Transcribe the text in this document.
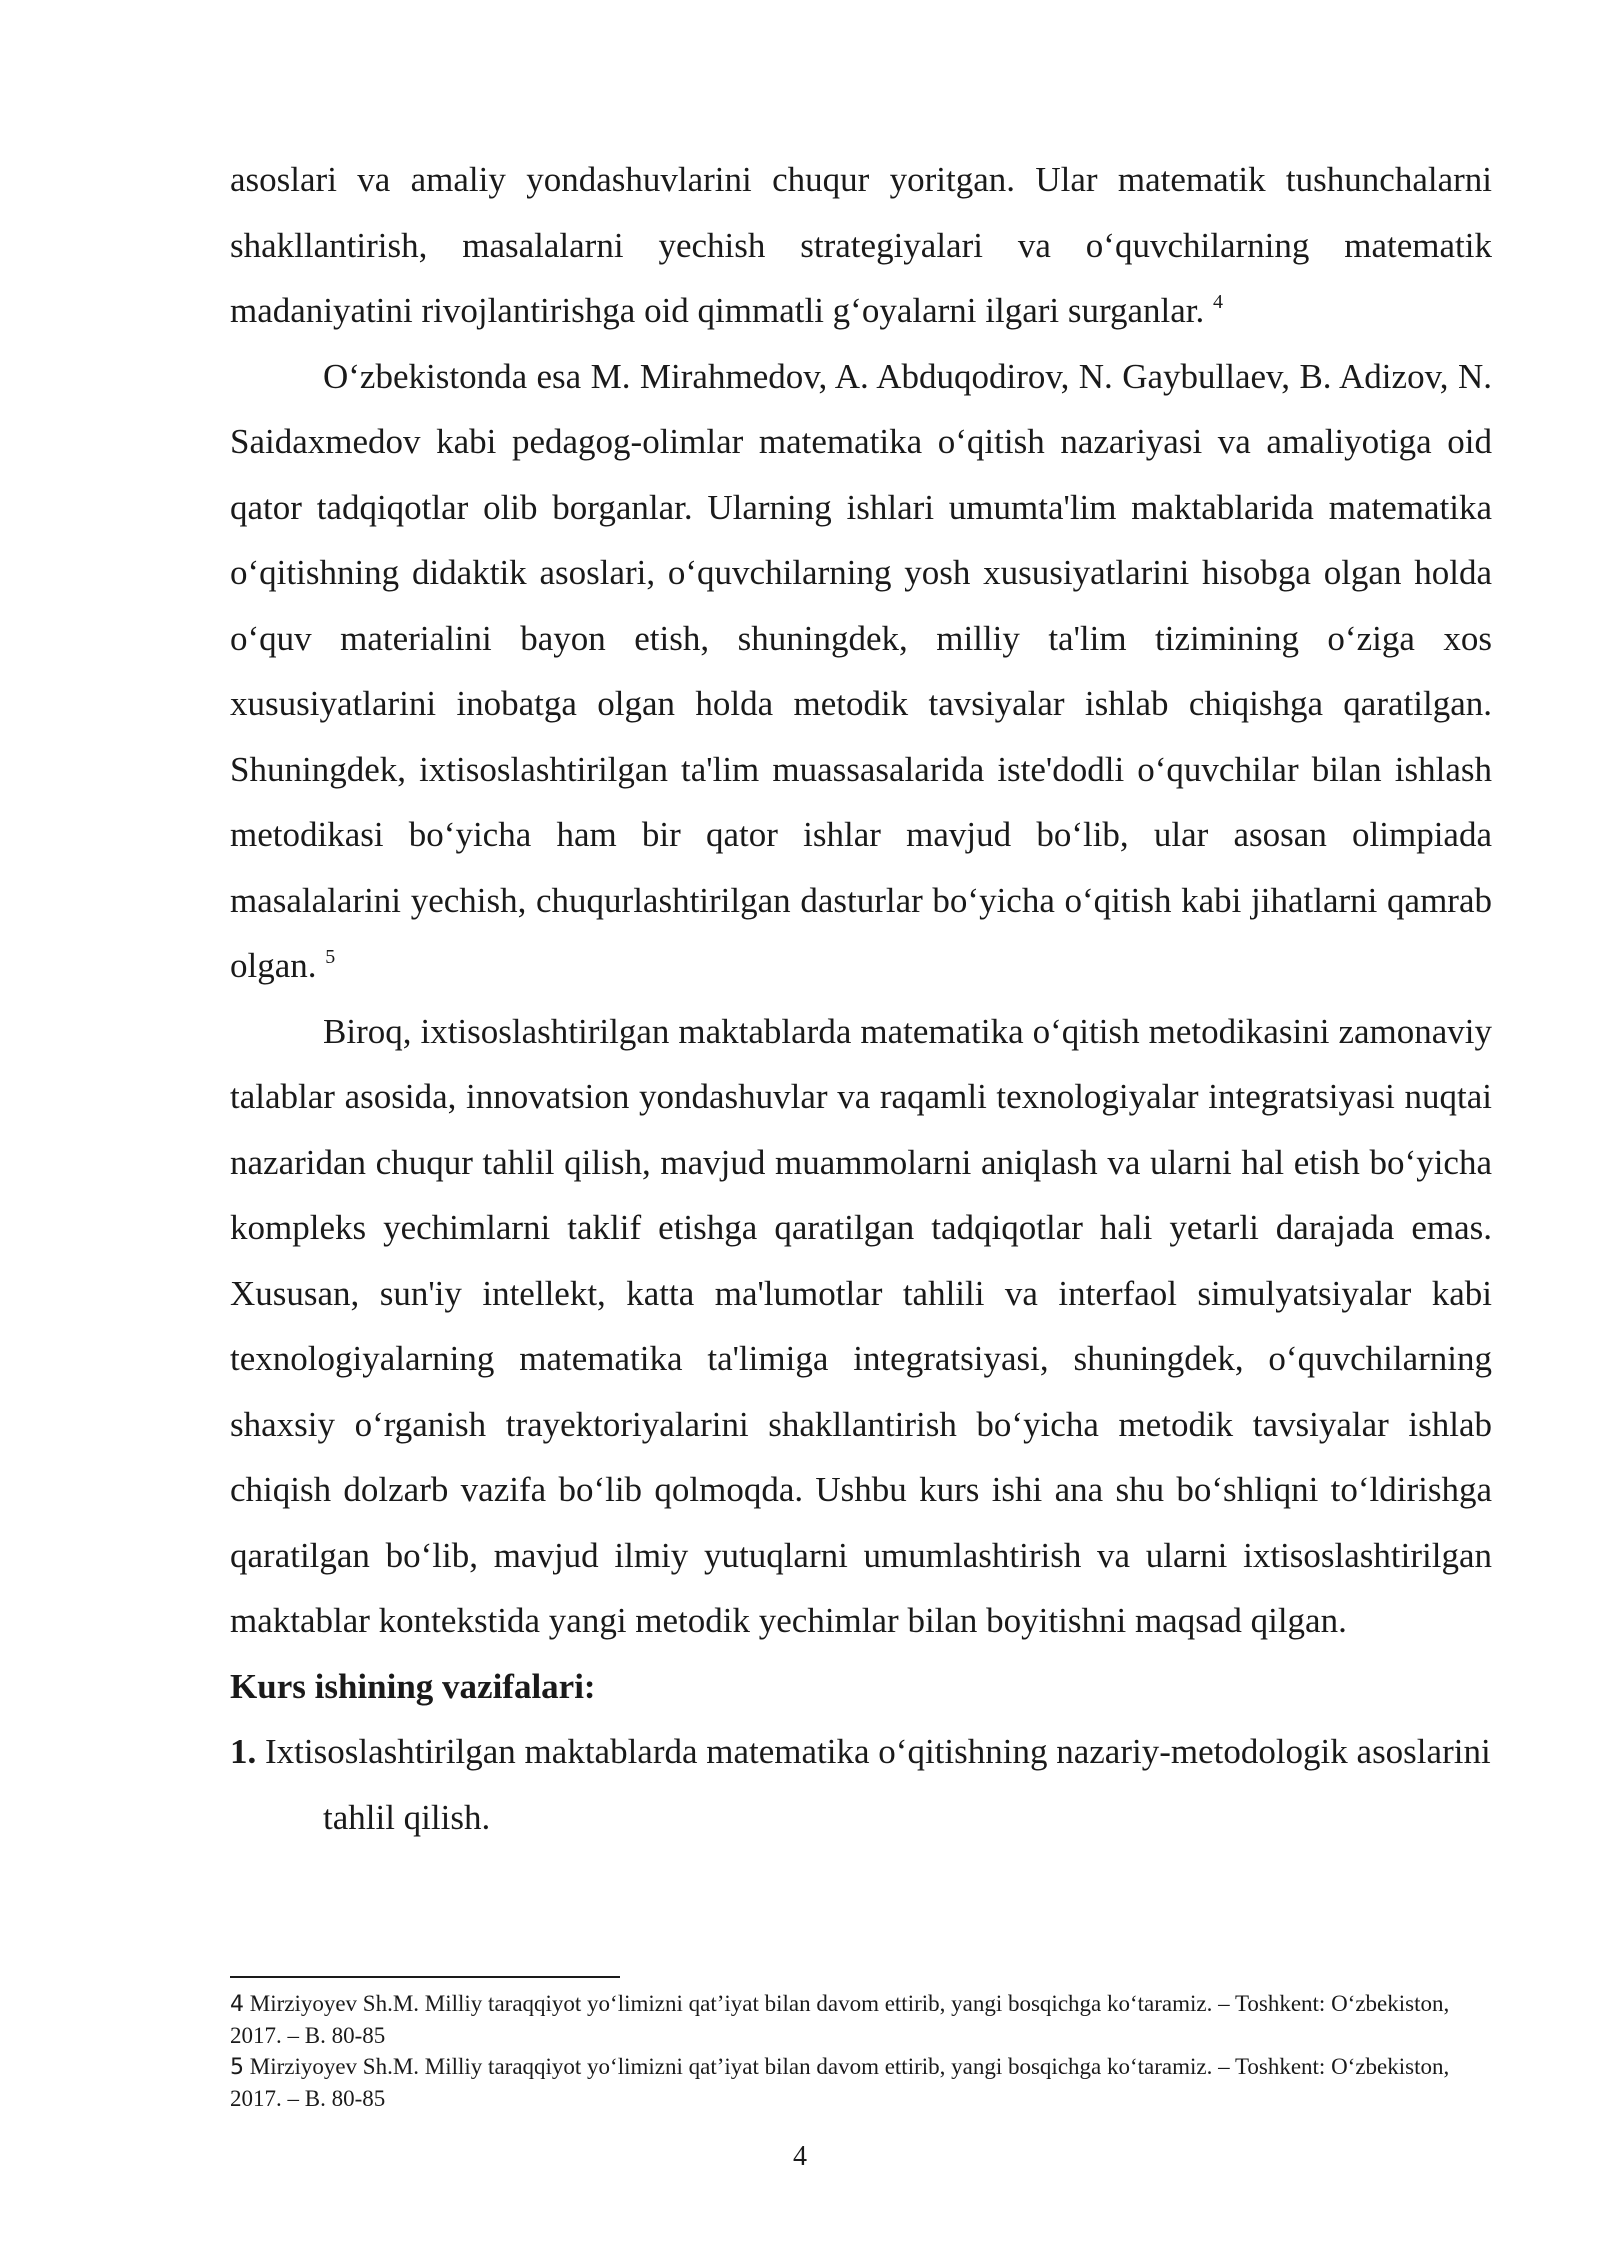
asoslari va amaliy yondashuvlarini chuqur yoritgan. Ular matematik tushunchalarni shakllantirish, masalalarni yechish strategiyalari va o‘quvchilarning matematik madaniyatini rivojlantirishga oid qimmatli g‘oyalarni ilgari surganlar. $^4$

O‘zbekistonda esa M. Mirahmedov, A. Abduqodirov, N. Gaybullaev, B. Adizov, N. Saidaxmedov kabi pedagog-olimlar matematika o‘qitish nazariyasi va amaliyotiga oid qator tadqiqotlar olib borganlar. Ularning ishlari umumta'lim maktablarida matematika o‘qitishning didaktik asoslari, o‘quvchilarning yosh xususiyatlarini hisobga olgan holda o‘quv materialini bayon etish, shuningdek, milliy ta'lim tizimining o‘ziga xos xususiyatlarini inobatga olgan holda metodik tavsiyalar ishlab chiqishga qaratilgan. Shuningdek, ixtisoslashtirilgan ta'lim muassasalarida iste'dodli o‘quvchilar bilan ishlash metodikasi bo‘yicha ham bir qator ishlar mavjud bo‘lib, ular asosan olimpiada masalalarini yechish, chuqurlashtirilgan dasturlar bo‘yicha o‘qitish kabi jihatlarni qamrab olgan. $^5$

Biroq, ixtisoslashtirilgan maktablarda matematika o‘qitish metodikasini zamonaviy talablar asosida, innovatsion yondashuvlar va raqamli texnologiyalar integratsiyasi nuqtai nazaridan chuqur tahlil qilish, mavjud muammolarni aniqlash va ularni hal etish bo‘yicha kompleks yechimlarni taklif etishga qaratilgan tadqiqotlar hali yetarli darajada emas. Xususan, sun'iy intellekt, katta ma'lumotlar tahlili va interfaol simulyatsiyalar kabi texnologiyalarning matematika ta'limiga integratsiyasi, shuningdek, o‘quvchilarning shaxsiy o‘rganish trayektoriyalarini shakllantirish bo‘yicha metodik tavsiyalar ishlab chiqish dolzarb vazifa bo‘lib qolmoqda. Ushbu kurs ishi ana shu bo‘shliqni to‘ldirishga qaratilgan bo‘lib, mavjud ilmiy yutuqlarni umumlashtirish va ularni ixtisoslashtirilgan maktablar kontekstida yangi metodik yechimlar bilan boyitishni maqsad qilgan.

Kurs ishining vazifalari:

1. Ixtisoslashtirilgan maktablarda matematika o‘qitishning nazariy-metodologik asoslarini tahlil qilish.

4 Mirziyoyev Sh.M. Milliy taraqqiyot yo‘limizni qat’iyat bilan davom ettirib, yangi bosqichga ko‘taramiz. – Toshkent: O‘zbekiston, 2017. – B. 80-85

5 Mirziyoyev Sh.M. Milliy taraqqiyot yo‘limizni qat’iyat bilan davom ettirib, yangi bosqichga ko‘taramiz. – Toshkent: O‘zbekiston, 2017. – B. 80-85

4
